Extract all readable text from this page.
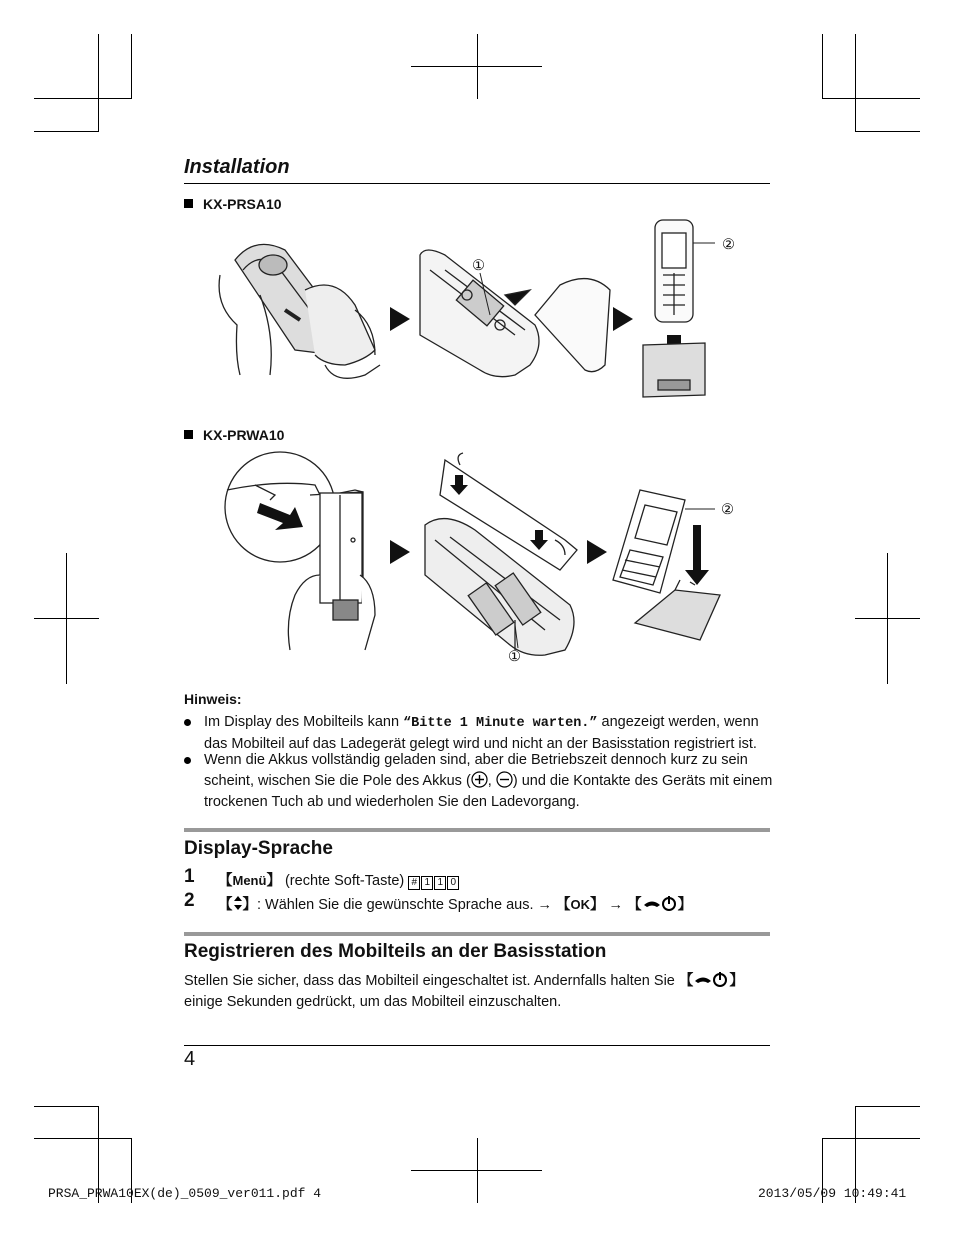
Installation
KX-PRSA10
①
②
KX-PRWA10
①
②
Hinweis:
Im Display des Mobilteils kann “Bitte 1 Minute warten.” angezeigt werden, wenn das Mobilteil auf das Ladegerät gelegt wird und nicht an der Basisstation registriert ist.
Wenn die Akkus vollständig geladen sind, aber die Betriebszeit dennoch kurz zu sein scheint, wischen Sie die Pole des Akkus ( , ) und die Kontakte des Geräts mit einem trockenen Tuch ab und wiederholen Sie den Ladevorgang.
Display-Sprache
1 【Menü】 (rechte Soft-Taste) # 1 1 0
2 【 】: Wählen Sie die gewünschte Sprache aus. → 【OK】 → 【 】
Registrieren des Mobilteils an der Basisstation
Stellen Sie sicher, dass das Mobilteil eingeschaltet ist. Andernfalls halten Sie 【 】 einige Sekunden gedrückt, um das Mobilteil einzuschalten.
4
PRSA_PRWA10EX(de)_0509_ver011.pdf 4	2013/05/09 10:49:41
